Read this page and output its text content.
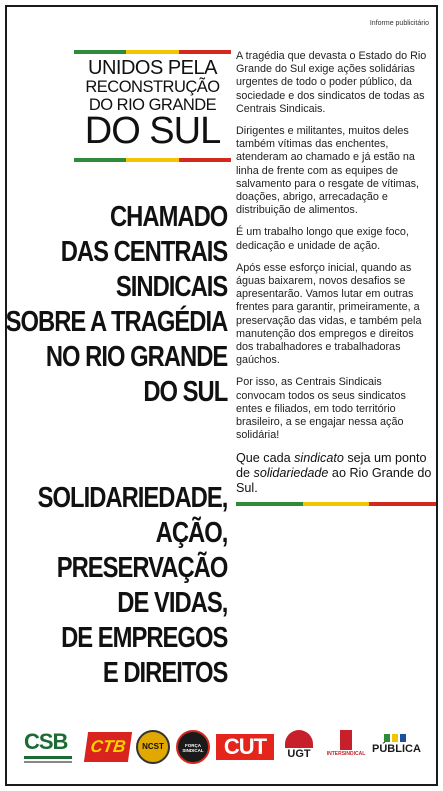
Informe publicitário
UNIDOS PELA
RECONSTRUÇÃO
DO RIO GRANDE
DO SUL
CHAMADO
DAS CENTRAIS
SINDICAIS
SOBRE A TRAGÉDIA
NO RIO GRANDE
DO SUL
SOLIDARIEDADE,
AÇÃO,
PRESERVAÇÃO
DE VIDAS,
DE EMPREGOS
E DIREITOS

A tragédia que devasta o Estado do Rio Grande do Sul exige ações solidárias urgentes de todo o poder público, da sociedade e dos sindicatos de todas as Centrais Sindicais.

Dirigentes e militantes, muitos deles também vítimas das enchentes, atenderam ao chamado e já estão na linha de frente com as equipes de salvamento para o resgate de vítimas, doações, abrigo, arrecadação e distribuição de alimentos.

É um trabalho longo que exige foco, dedicação e unidade de ação.

Após esse esforço inicial, quando as águas baixarem, novos desafios se apresentarão. Vamos lutar em outras frentes para garantir, primeiramente, a preservação das vidas, e também pela manutenção dos empregos e direitos dos trabalhadores e trabalhadoras gaúchos.

Por isso, as Centrais Sindicais convocam todos os seus sindicatos entes e filiados, em todo território brasileiro, a se engajar nessa ação solidária!

Que cada sindicato seja um ponto de solidariedade ao Rio Grande do Sul.

CSB	CTB	NCST	FORÇA SINDICAL CUT	UGT	INTERSINDICAL PÚBLICA
